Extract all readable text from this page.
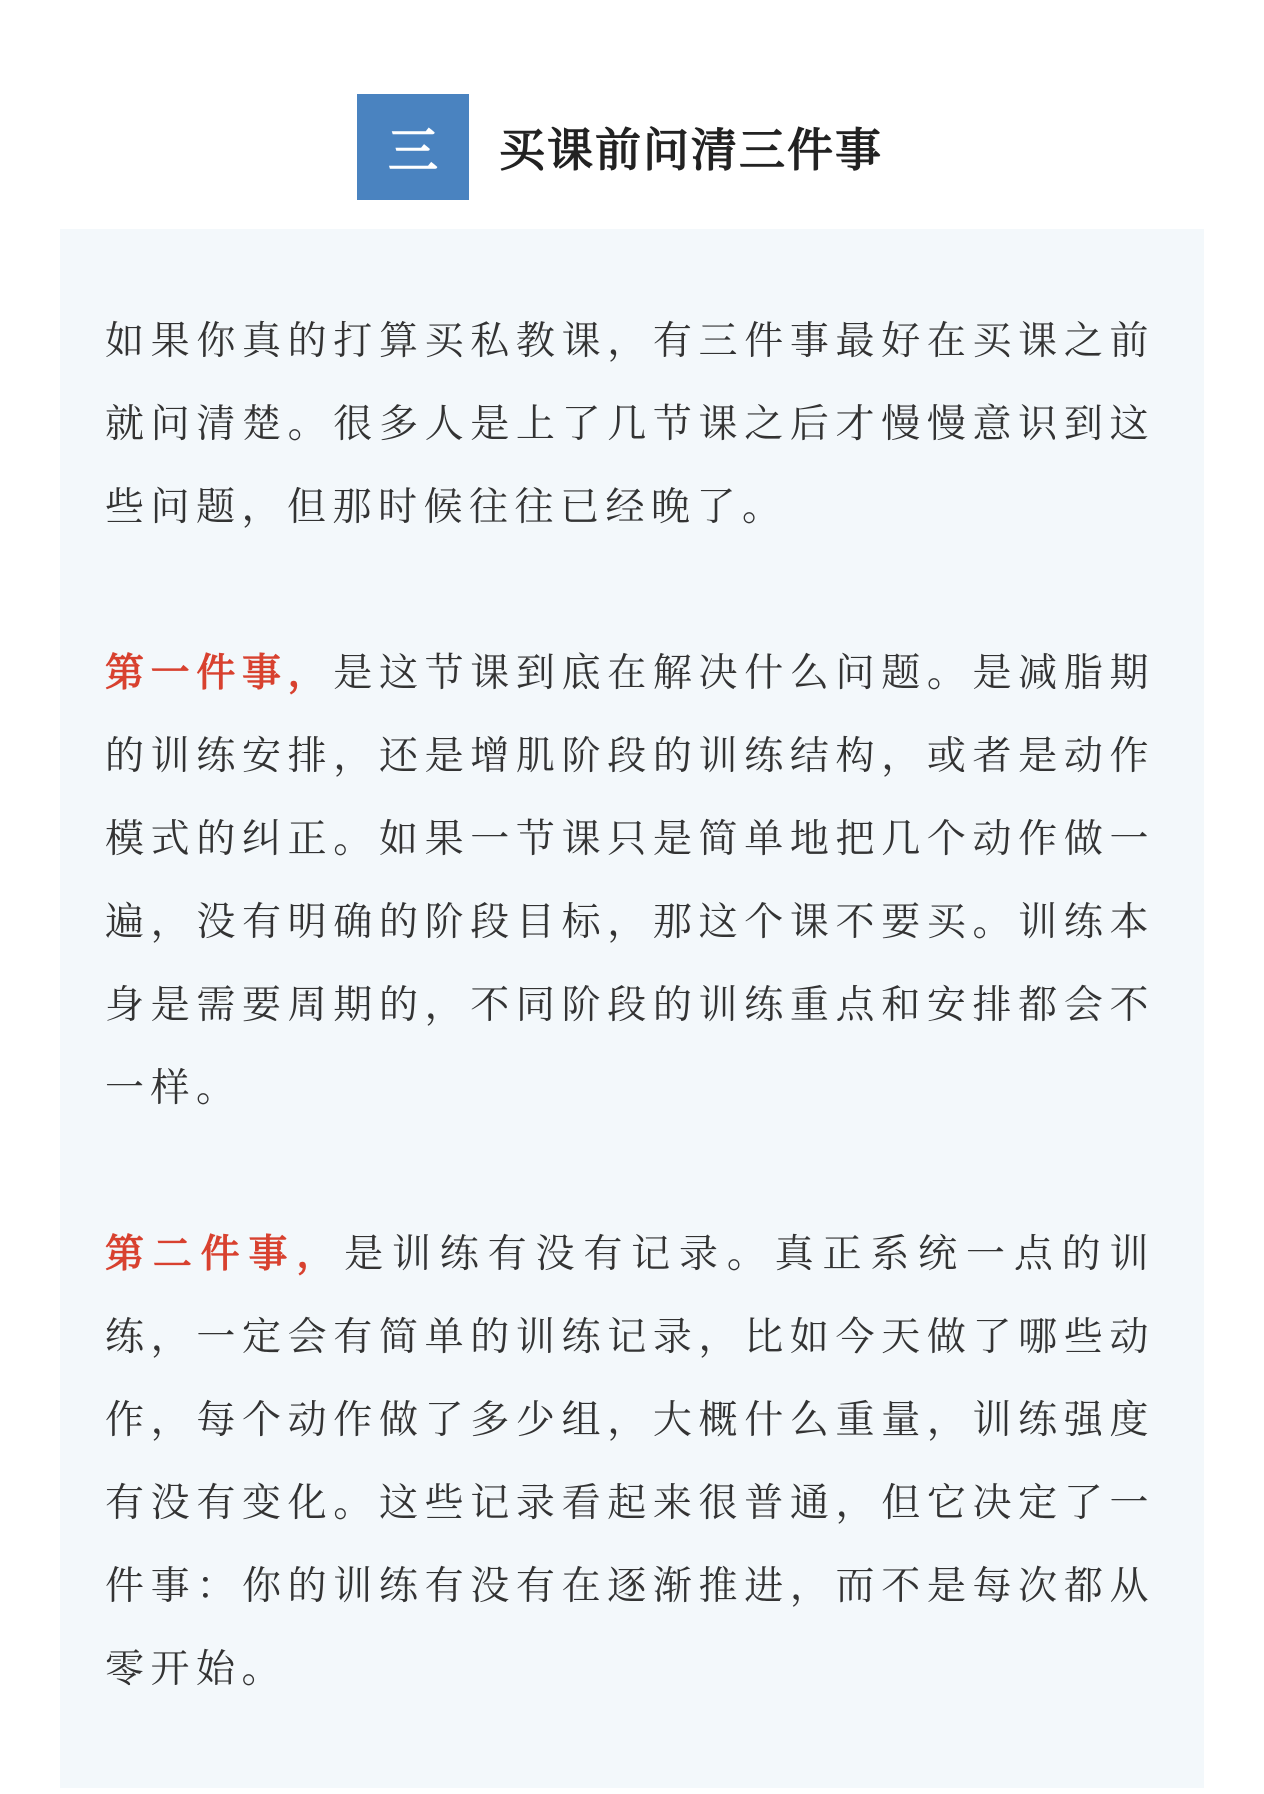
三	买课前问清三件事

如果你真的打算买私教课，有三件事最好在买课之前就问清楚。很多人是上了几节课之后才慢慢意识到这些问题，但那时候往往已经晚了。

第一件事，是这节课到底在解决什么问题。是减脂期的训练安排，还是增肌阶段的训练结构，或者是动作模式的纠正。如果一节课只是简单地把几个动作做一遍，没有明确的阶段目标，那这个课不要买。训练本身是需要周期的，不同阶段的训练重点和安排都会不一样。

第二件事，是训练有没有记录。真正系统一点的训练，一定会有简单的训练记录，比如今天做了哪些动作，每个动作做了多少组，大概什么重量，训练强度有没有变化。这些记录看起来很普通，但它决定了一件事：你的训练有没有在逐渐推进，而不是每次都从零开始。
